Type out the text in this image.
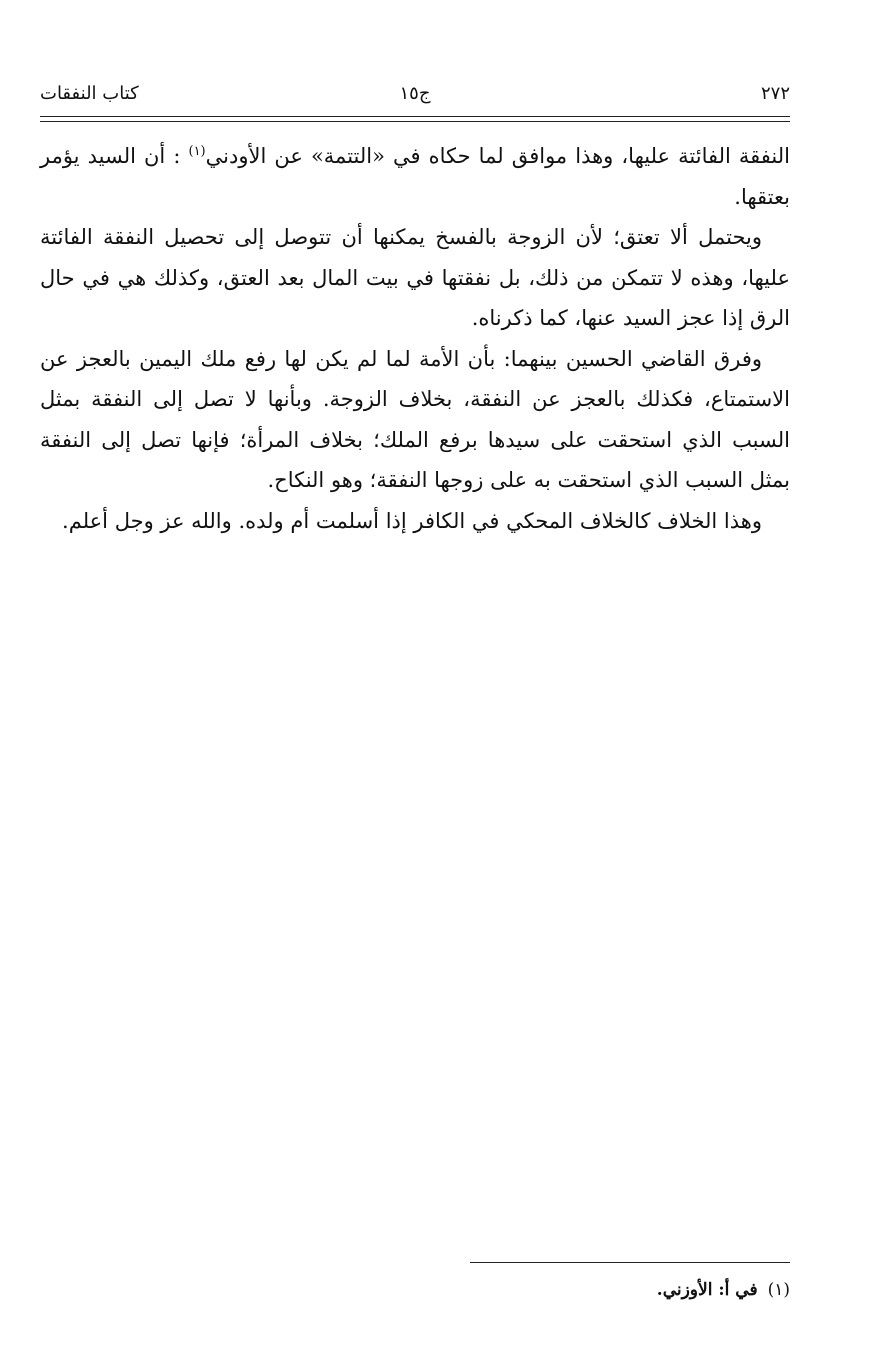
٢٧٢
ج١٥
كتاب النفقات

النفقة الفائتة عليها، وهذا موافق لما حكاه في «التتمة» عن الأودني$^{(١)}$ : أن السيد يؤمر بعتقها.

ويحتمل ألا تعتق؛ لأن الزوجة بالفسخ يمكنها أن تتوصل إلى تحصيل النفقة الفائتة عليها، وهذه لا تتمكن من ذلك، بل نفقتها في بيت المال بعد العتق، وكذلك هي في حال الرق إذا عجز السيد عنها، كما ذكرناه.

وفرق القاضي الحسين بينهما: بأن الأمة لما لم يكن لها رفع ملك اليمين بالعجز عن الاستمتاع، فكذلك بالعجز عن النفقة، بخلاف الزوجة. وبأنها لا تصل إلى النفقة بمثل السبب الذي استحقت على سيدها برفع الملك؛ بخلاف المرأة؛ فإنها تصل إلى النفقة بمثل السبب الذي استحقت به على زوجها النفقة؛ وهو النكاح.

وهذا الخلاف كالخلاف المحكي في الكافر إذا أسلمت أم ولده. والله عز وجل أعلم.

(١)في أ: الأوزني.
